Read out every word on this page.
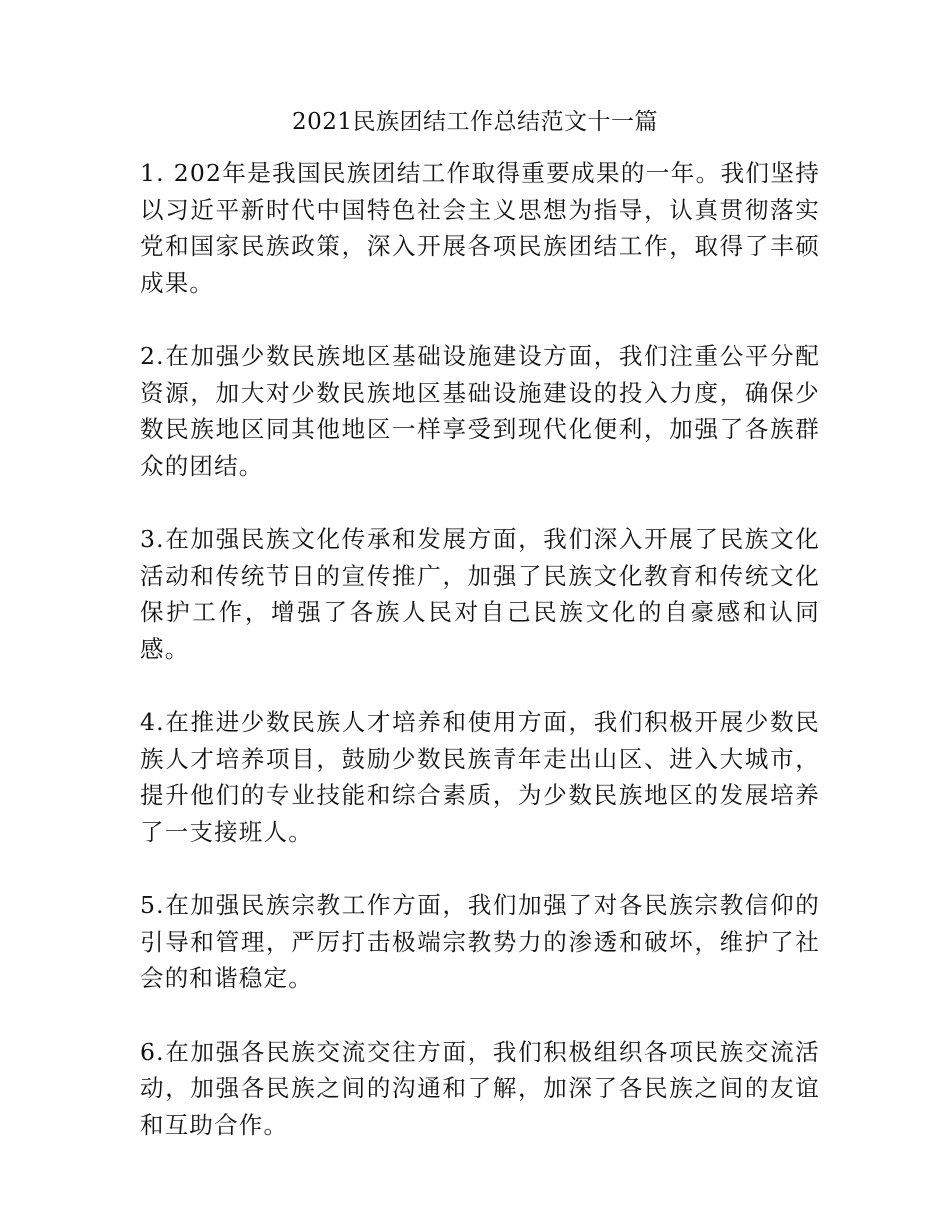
2021民族团结工作总结范文十一篇

1. 202年是我国民族团结工作取得重要成果的一年。我们坚持以习近平新时代中国特色社会主义思想为指导，认真贯彻落实党和国家民族政策，深入开展各项民族团结工作，取得了丰硕成果。

2.在加强少数民族地区基础设施建设方面，我们注重公平分配资源，加大对少数民族地区基础设施建设的投入力度，确保少数民族地区同其他地区一样享受到现代化便利，加强了各族群众的团结。

3.在加强民族文化传承和发展方面，我们深入开展了民族文化活动和传统节日的宣传推广，加强了民族文化教育和传统文化保护工作，增强了各族人民对自己民族文化的自豪感和认同感。

4.在推进少数民族人才培养和使用方面，我们积极开展少数民族人才培养项目，鼓励少数民族青年走出山区、进入大城市，提升他们的专业技能和综合素质，为少数民族地区的发展培养了一支接班人。

5.在加强民族宗教工作方面，我们加强了对各民族宗教信仰的引导和管理，严厉打击极端宗教势力的渗透和破坏，维护了社会的和谐稳定。

6.在加强各民族交流交往方面，我们积极组织各项民族交流活动，加强各民族之间的沟通和了解，加深了各民族之间的友谊和互助合作。
